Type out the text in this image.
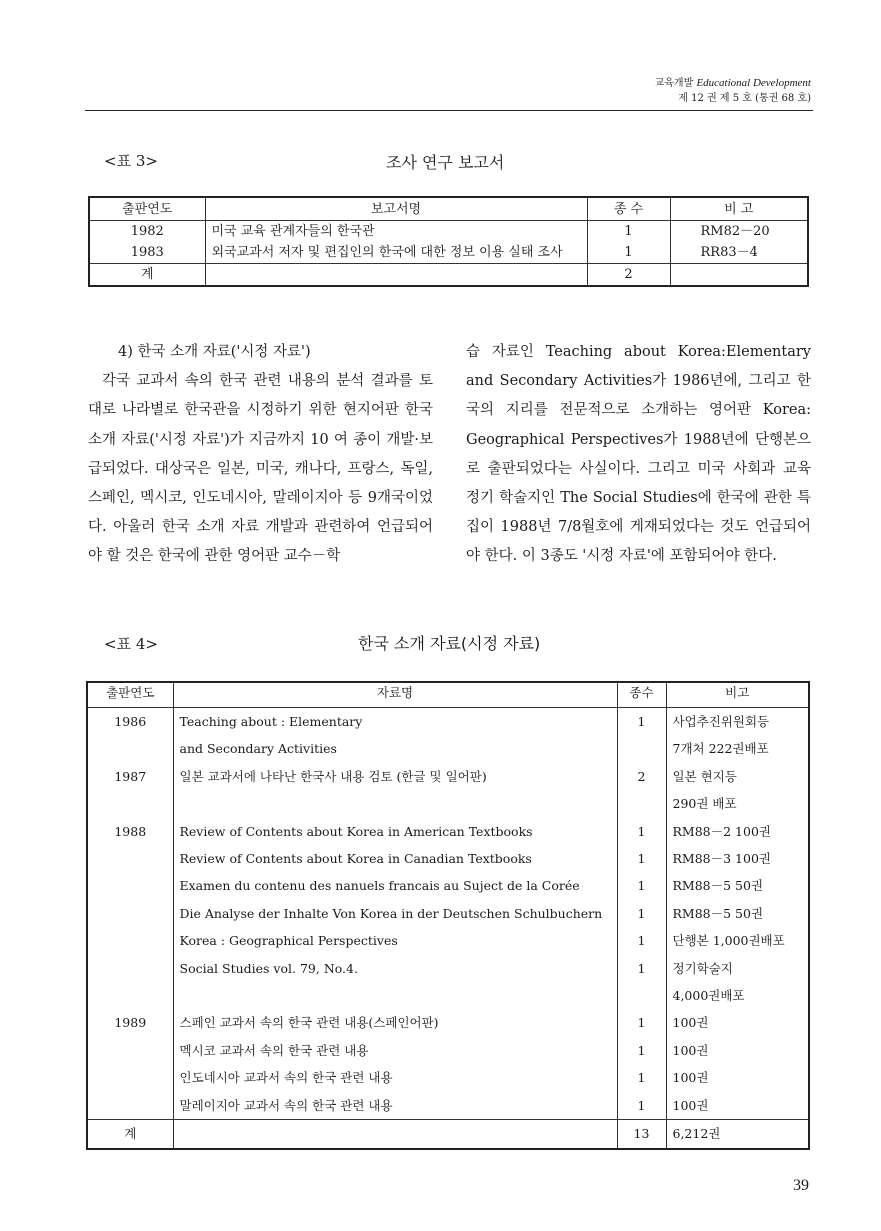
교육개발 Educational Development
제 12 권 제 5 호 (통권 68 호)
<표 3>	조사 연구 보고서
출판연도	보고서명	종 수	비 고
1982	미국 교육 관계자들의 한국관	1	RM82－20
1983	외국교과서 저자 및 편집인의 한국에 대한 정보 이용 실태 조사	1	RR83－4
계		2	

4) 한국 소개 자료('시정 자료')

각국 교과서 속의 한국 관련 내용의 분석 결과를 토대로 나라별로 한국관을 시정하기 위한 현지어판 한국 소개 자료('시정 자료')가 지금까지 10 여 종이 개발·보급되었다. 대상국은 일본, 미국, 캐나다, 프랑스, 독일, 스페인, 멕시코, 인도네시아, 말레이지아 등 9개국이었다. 아울러 한국 소개 자료 개발과 관련하여 언급되어야 할 것은 한국에 관한 영어판 교수－학

습 자료인 Teaching about Korea:Elementary and Secondary Activities가 1986년에, 그리고 한국의 지리를 전문적으로 소개하는 영어판 Korea: Geographical Perspectives가 1988년에 단행본으로 출판되었다는 사실이다. 그리고 미국 사회과 교육 정기 학술지인 The Social Studies에 한국에 관한 특집이 1988년 7/8월호에 게재되었다는 것도 언급되어야 한다. 이 3종도 '시정 자료'에 포함되어야 한다.

<표 4>	한국 소개 자료(시정 자료)
출판연도	자료명	종수	비고
1986	Teaching about : Elementary	1	사업추진위원회등
	and Secondary Activities		7개처 222권배포
1987	일본 교과서에 나타난 한국사 내용 검토 (한글 및 일어판)	2	일본 현지등
			290권 배포
1988	Review of Contents about Korea in American Textbooks	1	RM88－2 100권
	Review of Contents about Korea in Canadian Textbooks	1	RM88－3 100권
	Examen du contenu des nanuels francais au Suject de la Corée	1	RM88－5 50권
	Die Analyse der Inhalte Von Korea in der Deutschen Schulbuchern	1	RM88－5 50권
	Korea : Geographical Perspectives	1	단행본 1,000권배포
	Social Studies vol. 79, No.4.	1	정기학술지
			4,000권배포
1989	스페인 교과서 속의 한국 관련 내용(스페인어판)	1	100권
	멕시코 교과서 속의 한국 관련 내용	1	100권
	인도네시아 교과서 속의 한국 관련 내용	1	100권
	말레이지아 교과서 속의 한국 관련 내용	1	100권
계		13	6,212권
39
